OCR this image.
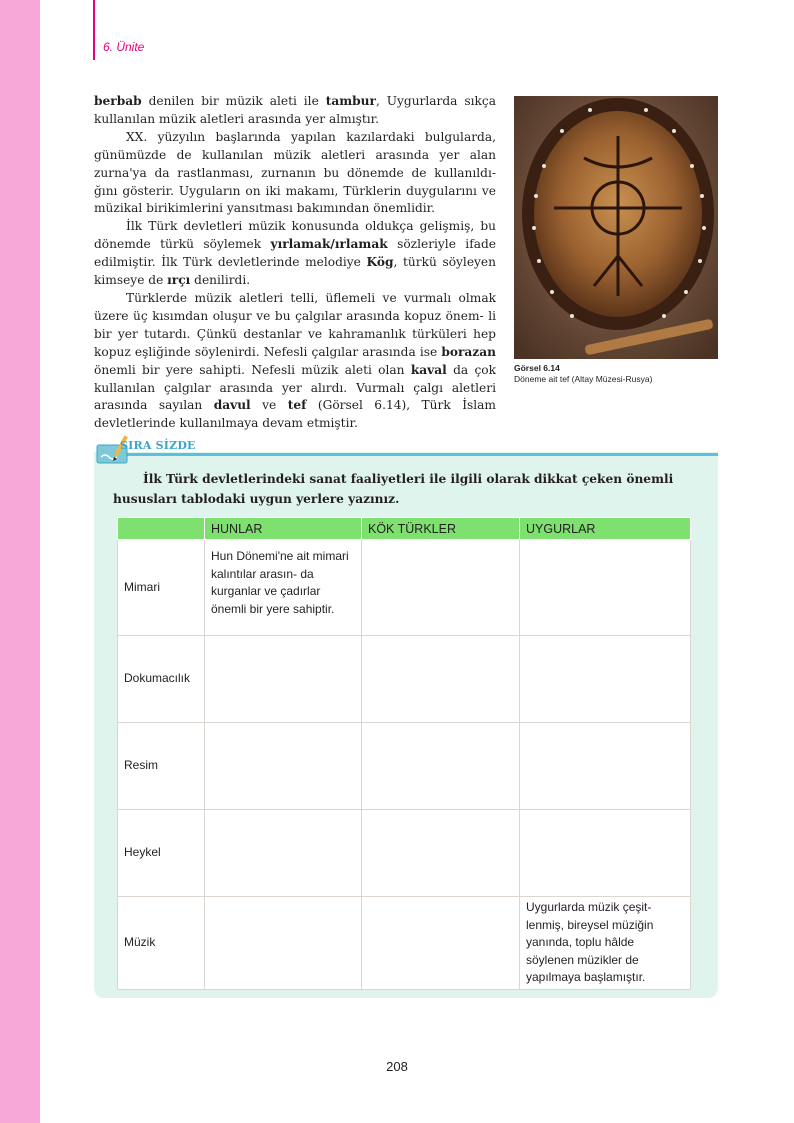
6. Ünite

berbab denilen bir müzik aleti ile tambur, Uygurlarda sıkça kullanılan müzik aletleri arasında yer almıştır.

XX. yüzyılın başlarında yapılan kazılardaki bulgularda, günümüzde de kullanılan müzik aletleri arasında yer alan zurna'ya da rastlanması, zurnanın bu dönemde de kullanıldı- ğını gösterir. Uyguların on iki makamı, Türklerin duygularını ve müzikal birikimlerini yansıtması bakımından önemlidir.

İlk Türk devletleri müzik konusunda oldukça gelişmiş, bu dönemde türkü söylemek yırlamak/ırlamak sözleriyle ifade edilmiştir. İlk Türk devletlerinde melodiye Kög, türkü söyleyen kimseye de ırçı denilirdi.

Türklerde müzik aletleri telli, üflemeli ve vurmalı olmak üzere üç kısımdan oluşur ve bu çalgılar arasında kopuz önem- li bir yer tutardı. Çünkü destanlar ve kahramanlık türküleri hep kopuz eşliğinde söylenirdi. Nefesli çalgılar arasında ise borazan önemli bir yere sahipti. Nefesli müzik aleti olan kaval da çok kullanılan çalgılar arasında yer alırdı. Vurmalı çalgı aletleri arasında sayılan davul ve tef (Görsel 6.14), Türk İslam devletlerinde kullanılmaya devam etmiştir.

Görsel 6.14
Döneme ait tef (Altay Müzesi-Rusya)
SIRA SİZDE
İlk Türk devletlerindeki sanat faaliyetleri ile ilgili olarak dikkat çeken önemli
hususları tablodaki uygun yerlere yazınız.
	HUNLAR	KÖK TÜRKLER	UYGURLAR
Mimari	Hun Dönemi'ne ait mimari kalıntılar arasın- da kurganlar ve çadırlar önemli bir yere sahiptir.		
Dokumacılık			
Resim			
Heykel			
Müzik			Uygurlarda müzik çeşit- lenmiş, bireysel müziğin yanında, toplu hâlde söylenen müzikler de yapılmaya başlamıştır.
208
